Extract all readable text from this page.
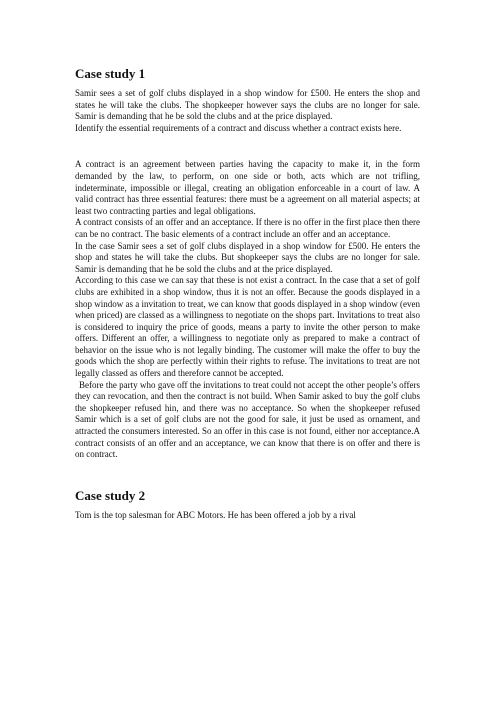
Case study 1

Samir sees a set of golf clubs displayed in a shop window for £500. He enters the shop and states he will take the clubs. The shopkeeper however says the clubs are no longer for sale. Samir is demanding that he be sold the clubs and at the price displayed.

Identify the essential requirements of a contract and discuss whether a contract exists here.

A contract is an agreement between parties having the capacity to make it, in the form demanded by the law, to perform, on one side or both, acts which are not trifling, indeterminate, impossible or illegal, creating an obligation enforceable in a court of law. A valid contract has three essential features: there must be a agreement on all material aspects; at least two contracting parties and legal obligations.

A contract consists of an offer and an acceptance. If there is no offer in the first place then there can be no contract. The basic elements of a contract include an offer and an acceptance.

In the case Samir sees a set of golf clubs displayed in a shop window for £500. He enters the shop and states he will take the clubs. But shopkeeper says the clubs are no longer for sale. Samir is demanding that he be sold the clubs and at the price displayed.

According to this case we can say that these is not exist a contract. In the case that a set of golf clubs are exhibited in a shop window, thus it is not an offer. Because the goods displayed in a shop window as a invitation to treat, we can know that goods displayed in a shop window (even when priced) are classed as a willingness to negotiate on the shops part. Invitations to treat also is considered to inquiry the price of goods, means a party to invite the other person to make offers. Different an offer, a willingness to negotiate only as prepared to make a contract of behavior on the issue who is not legally binding. The customer will make the offer to buy the goods which the shop are perfectly within their rights to refuse. The invitations to treat are not legally classed as offers and therefore cannot be accepted.

Before the party who gave off the invitations to treat could not accept the other people’s offers they can revocation, and then the contract is not build. When Samir asked to buy the golf clubs the shopkeeper refused hin, and there was no acceptance. So when the shopkeeper refused Samir which is a set of golf clubs are not the good for sale, it just be used as ornament, and attracted the consumers interested. So an offer in this case is not found, either nor acceptance.A contract consists of an offer and an acceptance, we can know that there is on offer and there is on contract.

Case study 2

Tom is the top salesman for ABC Motors. He has been offered a job by a rival
